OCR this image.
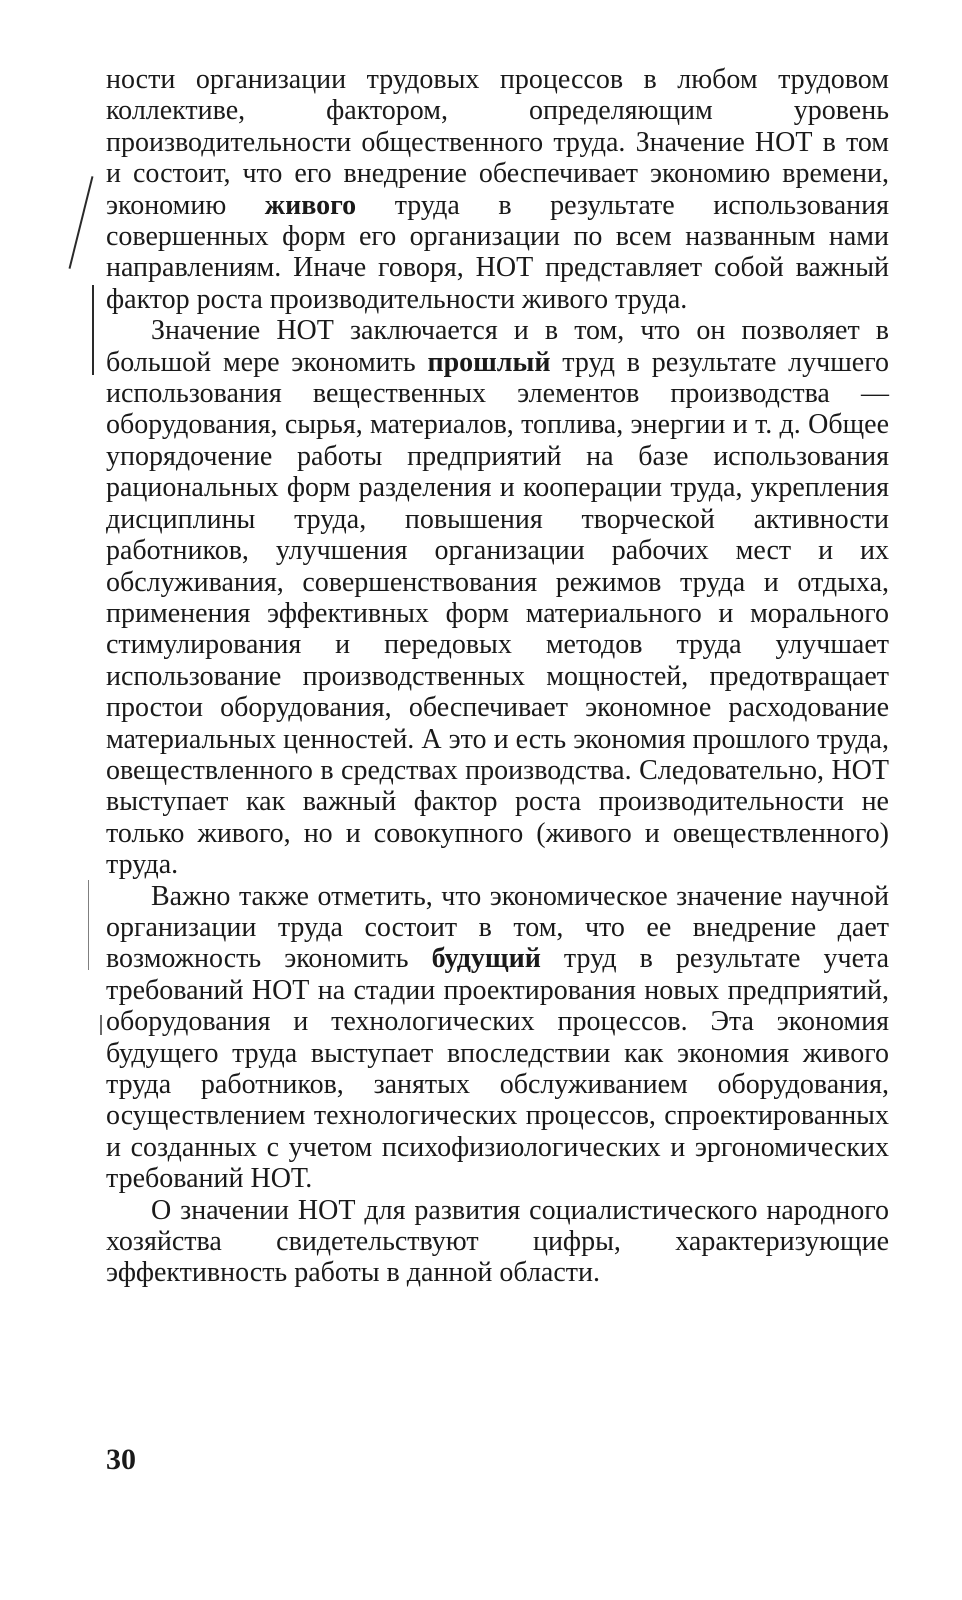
ности организации трудовых процессов в любом трудовом коллективе, фактором, определяющим уровень производительности общественного труда. Значение НОТ в том и состоит, что его внедрение обеспечивает экономию времени, экономию живого труда в результате использования совершенных форм его организации по всем названным нами направлениям. Иначе говоря, НОТ представляет собой важный фактор роста производительности живого труда.

Значение НОТ заключается и в том, что он позволяет в большой мере экономить прошлый труд в результате лучшего использования вещественных элементов производства — оборудования, сырья, материалов, топлива, энергии и т. д. Общее упорядочение работы предприятий на базе использования рациональных форм разделения и кооперации труда, укрепления дисциплины труда, повышения творческой активности работников, улучшения организации рабочих мест и их обслуживания, совершенствования режимов труда и отдыха, применения эффективных форм материального и морального стимулирования и передовых методов труда улучшает использование производственных мощностей, предотвращает простои оборудования, обеспечивает экономное расходование материальных ценностей. А это и есть экономия прошлого труда, овеществленного в средствах производства. Следовательно, НОТ выступает как важный фактор роста производительности не только живого, но и совокупного (живого и овеществленного) труда.

Важно также отметить, что экономическое значение научной организации труда состоит в том, что ее внедрение дает возможность экономить будущий труд в результате учета требований НОТ на стадии проектирования новых предприятий, оборудования и технологических процессов. Эта экономия будущего труда выступает впоследствии как экономия живого труда работников, занятых обслуживанием оборудования, осуществлением технологических процессов, спроектированных и созданных с учетом психофизиологических и эргономических требований НОТ.

О значении НОТ для развития социалистического народного хозяйства свидетельствуют цифры, характеризующие эффективность работы в данной области.

30
